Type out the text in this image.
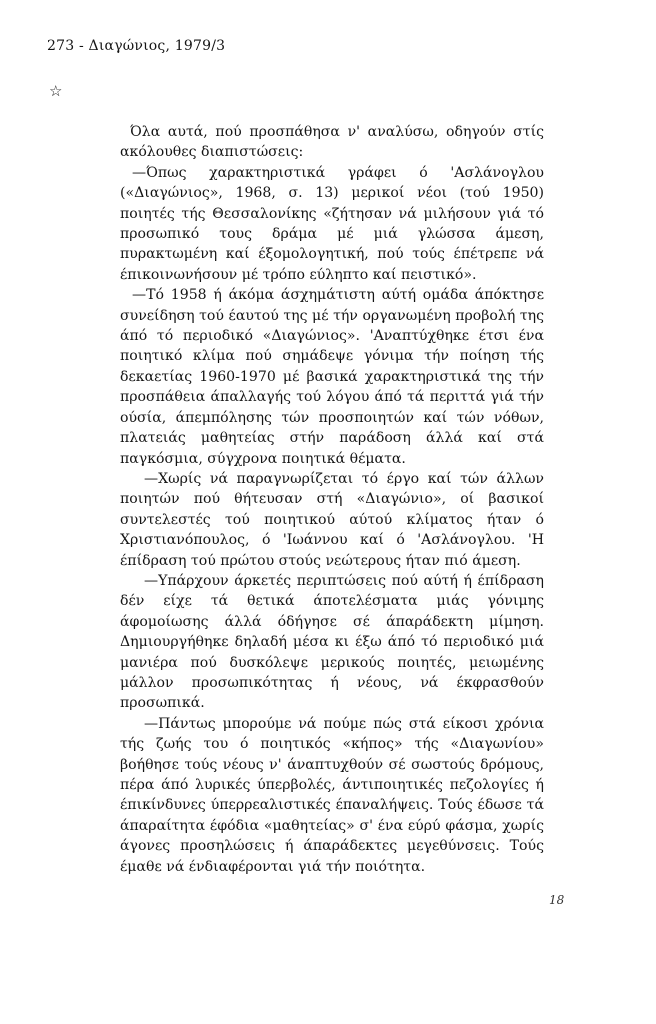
273 - Διαγώνιος, 1979/3
☆

Όλα αυτά, πού προσπάθησα ν' αναλύσω, οδηγούν στίς ακόλουθες διαπιστώσεις:

—Όπως χαρακτηριστικά γράφει ό 'Ασλάνογλου («Διαγώνιος», 1968, σ. 13) μερικοί νέοι (τού 1950) ποιητές τής Θεσσαλονίκης «ζήτησαν νά μιλήσουν γιά τό προσωπικό τους δράμα μέ μιά γλώσσα άμεση, πυρακτωμένη καί έξομολογητική, πού τούς έπέτρεπε νά έπικοινωνήσουν μέ τρόπο εύληπτο καί πειστικό».

—Τό 1958 ή άκόμα άσχημάτιστη αύτή ομάδα άπόκτησε συνείδηση τού έαυτού της μέ τήν οργανωμένη προβολή της άπό τό περιοδικό «Διαγώνιος». 'Αναπτύχθηκε έτσι ένα ποιητικό κλίμα πού σημάδεψε γόνιμα τήν ποίηση τής δεκαετίας 1960-1970 μέ βασικά χαρακτηριστικά της τήν προσπάθεια άπαλλαγής τού λόγου άπό τά περιττά γιά τήν ούσία, άπεμπόλησης τών προσποιητών καί τών νόθων, πλατειάς μαθητείας στήν παράδοση άλλά καί στά παγκόσμια, σύγχρονα ποιητικά θέματα.

—Χωρίς νά παραγνωρίζεται τό έργο καί τών άλλων ποιητών πού θήτευσαν στή «Διαγώνιο», οί βασικοί συντελεστές τού ποιητικού αύτού κλίματος ήταν ό Χριστιανόπουλος, ό 'Ιωάννου καί ό 'Ασλάνογλου. 'Η έπίδραση τού πρώτου στούς νεώτερους ήταν πιό άμεση.

—Υπάρχουν άρκετές περιπτώσεις πού αύτή ή έπίδραση δέν είχε τά θετικά άποτελέσματα μιάς γόνιμης άφομοίωσης άλλά όδήγησε σέ άπαράδεκτη μίμηση. Δημιουργήθηκε δηλαδή μέσα κι έξω άπό τό περιοδικό μιά μανιέρα πού δυσκόλεψε μερικούς ποιητές, μειωμένης μάλλον προσωπικότητας ή νέους, νά έκφρασθούν προσωπικά.

—Πάντως μπορούμε νά πούμε πώς στά είκοσι χρόνια τής ζωής του ό ποιητικός «κήπος» τής «Διαγωνίου» βοήθησε τούς νέους ν' άναπτυχθούν σέ σωστούς δρόμους, πέρα άπό λυρικές ύπερβολές, άντιποιητικές πεζολογίες ή έπικίνδυνες ύπερρεαλιστικές έπαναλήψεις. Τούς έδωσε τά άπαραίτητα έφόδια «μαθητείας» σ' ένα εύρύ φάσμα, χωρίς άγονες προσηλώσεις ή άπαράδεκτες μεγεθύνσεις. Τούς έμαθε νά ένδιαφέρονται γιά τήν ποιότητα.

18
